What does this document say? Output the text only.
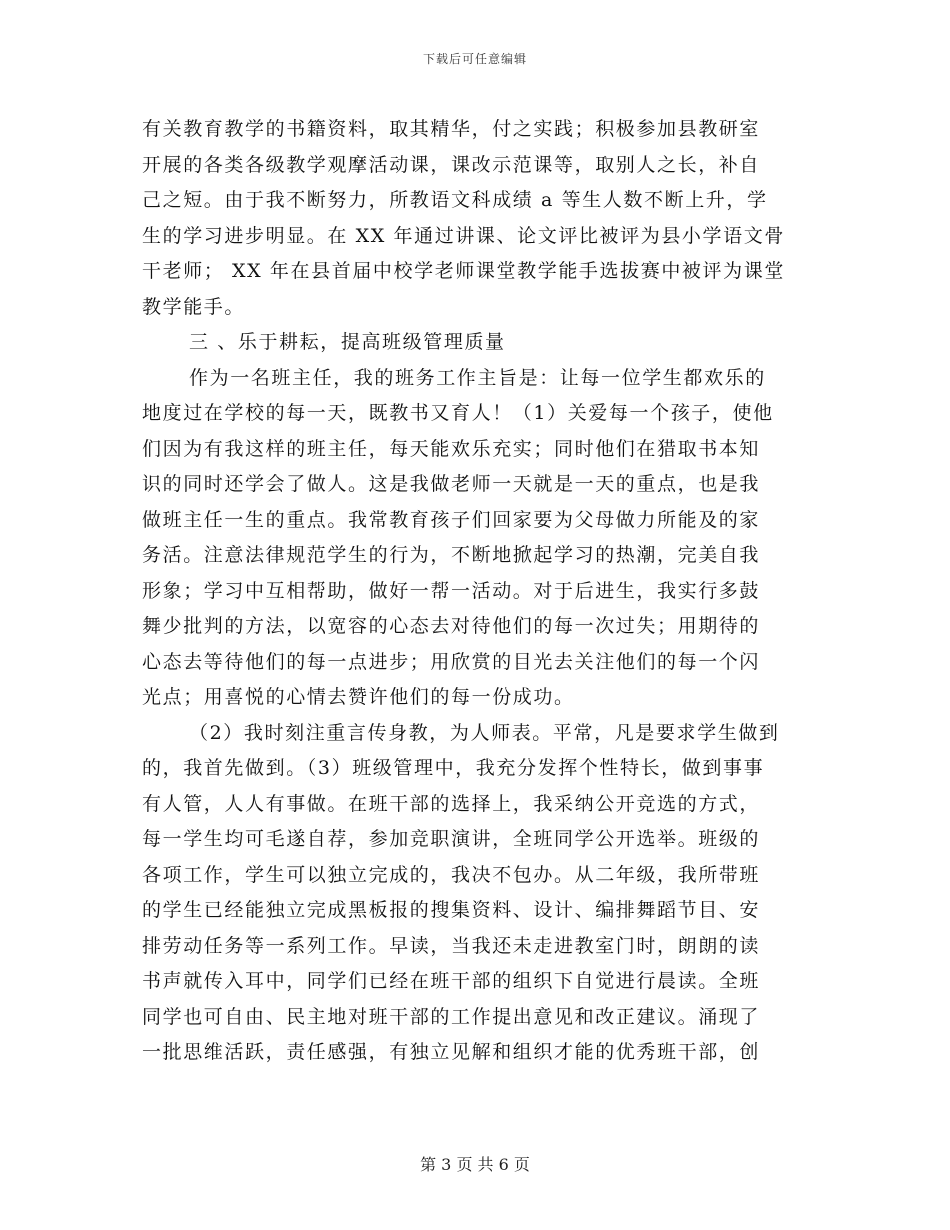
下载后可任意编辑
有关教育教学的书籍资料，取其精华，付之实践；积极参加县教研室
开展的各类各级教学观摩活动课，课改示范课等，取别人之长，补自
己之短。由于我不断努力，所教语文科成绩 a 等生人数不断上升，学
生的学习进步明显。在 XX 年通过讲课、论文评比被评为县小学语文骨
干老师； XX 年在县首届中校学老师课堂教学能手选拔赛中被评为课堂
教学能手。
三 、乐于耕耘，提高班级管理质量
作为一名班主任，我的班务工作主旨是：让每一位学生都欢乐的
地度过在学校的每一天，既教书又育人！（1）关爱每一个孩子，使他
们因为有我这样的班主任，每天能欢乐充实；同时他们在猎取书本知
识的同时还学会了做人。这是我做老师一天就是一天的重点，也是我
做班主任一生的重点。我常教育孩子们回家要为父母做力所能及的家
务活。注意法律规范学生的行为，不断地掀起学习的热潮，完美自我
形象；学习中互相帮助，做好一帮一活动。对于后进生，我实行多鼓
舞少批判的方法，以宽容的心态去对待他们的每一次过失；用期待的
心态去等待他们的每一点进步；用欣赏的目光去关注他们的每一个闪
光点；用喜悦的心情去赞许他们的每一份成功。
（2）我时刻注重言传身教，为人师表。平常，凡是要求学生做到
的，我首先做到。（3）班级管理中，我充分发挥个性特长，做到事事
有人管，人人有事做。在班干部的选择上，我采纳公开竞选的方式，
每一学生均可毛遂自荐，参加竞职演讲，全班同学公开选举。班级的
各项工作，学生可以独立完成的，我决不包办。从二年级，我所带班
的学生已经能独立完成黑板报的搜集资料、设计、编排舞蹈节目、安
排劳动任务等一系列工作。早读，当我还未走进教室门时，朗朗的读
书声就传入耳中，同学们已经在班干部的组织下自觉进行晨读。全班
同学也可自由、民主地对班干部的工作提出意见和改正建议。涌现了
一批思维活跃，责任感强，有独立见解和组织才能的优秀班干部，创
第 3 页 共 6 页
